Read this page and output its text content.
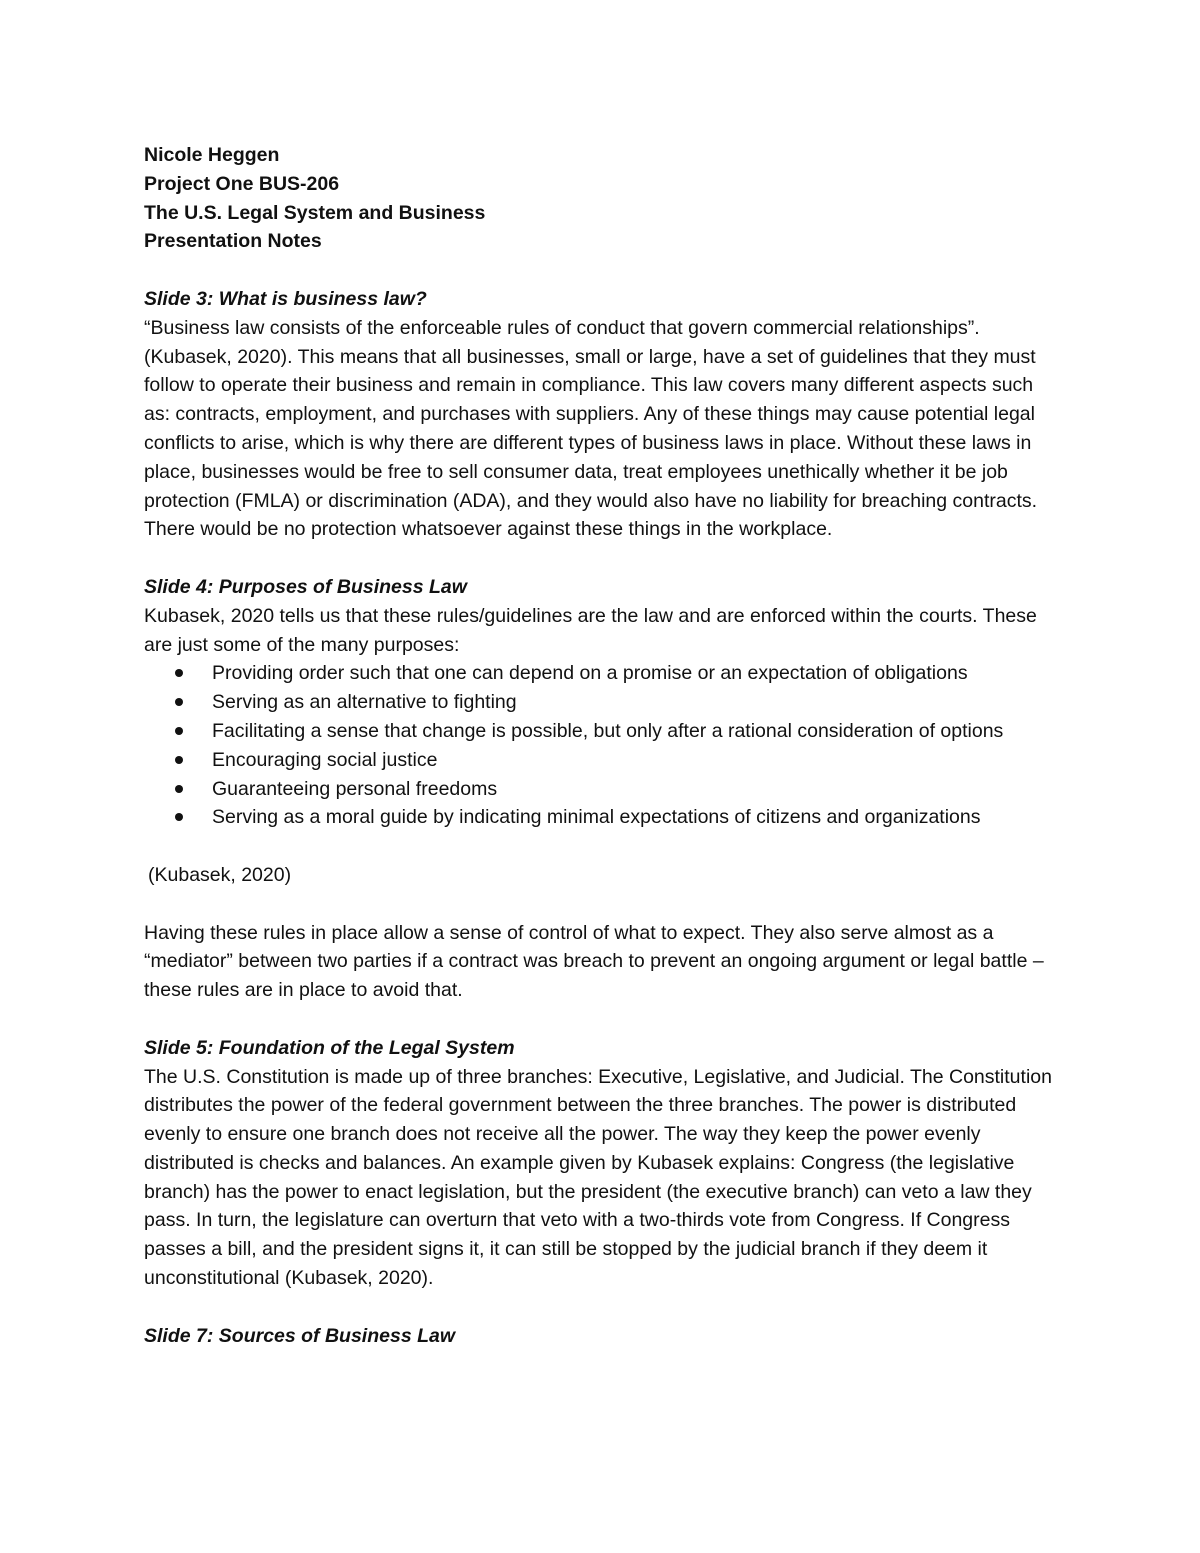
Nicole Heggen

Project One BUS-206

The U.S. Legal System and Business

Presentation Notes

Slide 3: What is business law?

“Business law consists of the enforceable rules of conduct that govern commercial relationships”. (Kubasek, 2020). This means that all businesses, small or large, have a set of guidelines that they must follow to operate their business and remain in compliance. This law covers many different aspects such as: contracts, employment, and purchases with suppliers. Any of these things may cause potential legal conflicts to arise, which is why there are different types of business laws in place. Without these laws in place, businesses would be free to sell consumer data, treat employees unethically whether it be job protection (FMLA) or discrimination (ADA), and they would also have no liability for breaching contracts. There would be no protection whatsoever against these things in the workplace.

Slide 4: Purposes of Business Law

Kubasek, 2020 tells us that these rules/guidelines are the law and are enforced within the courts. These are just some of the many purposes:

Providing order such that one can depend on a promise or an expectation of obligations
Serving as an alternative to fighting
Facilitating a sense that change is possible, but only after a rational consideration of options
Encouraging social justice
Guaranteeing personal freedoms
Serving as a moral guide by indicating minimal expectations of citizens and organizations

(Kubasek, 2020)

Having these rules in place allow a sense of control of what to expect. They also serve almost as a “mediator” between two parties if a contract was breach to prevent an ongoing argument or legal battle – these rules are in place to avoid that.

Slide 5: Foundation of the Legal System

The U.S. Constitution is made up of three branches: Executive, Legislative, and Judicial. The Constitution distributes the power of the federal government between the three branches. The power is distributed evenly to ensure one branch does not receive all the power. The way they keep the power evenly distributed is checks and balances. An example given by Kubasek explains: Congress (the legislative branch) has the power to enact legislation, but the president (the executive branch) can veto a law they pass. In turn, the legislature can overturn that veto with a two-thirds vote from Congress. If Congress passes a bill, and the president signs it, it can still be stopped by the judicial branch if they deem it unconstitutional (Kubasek, 2020).

Slide 7: Sources of Business Law
